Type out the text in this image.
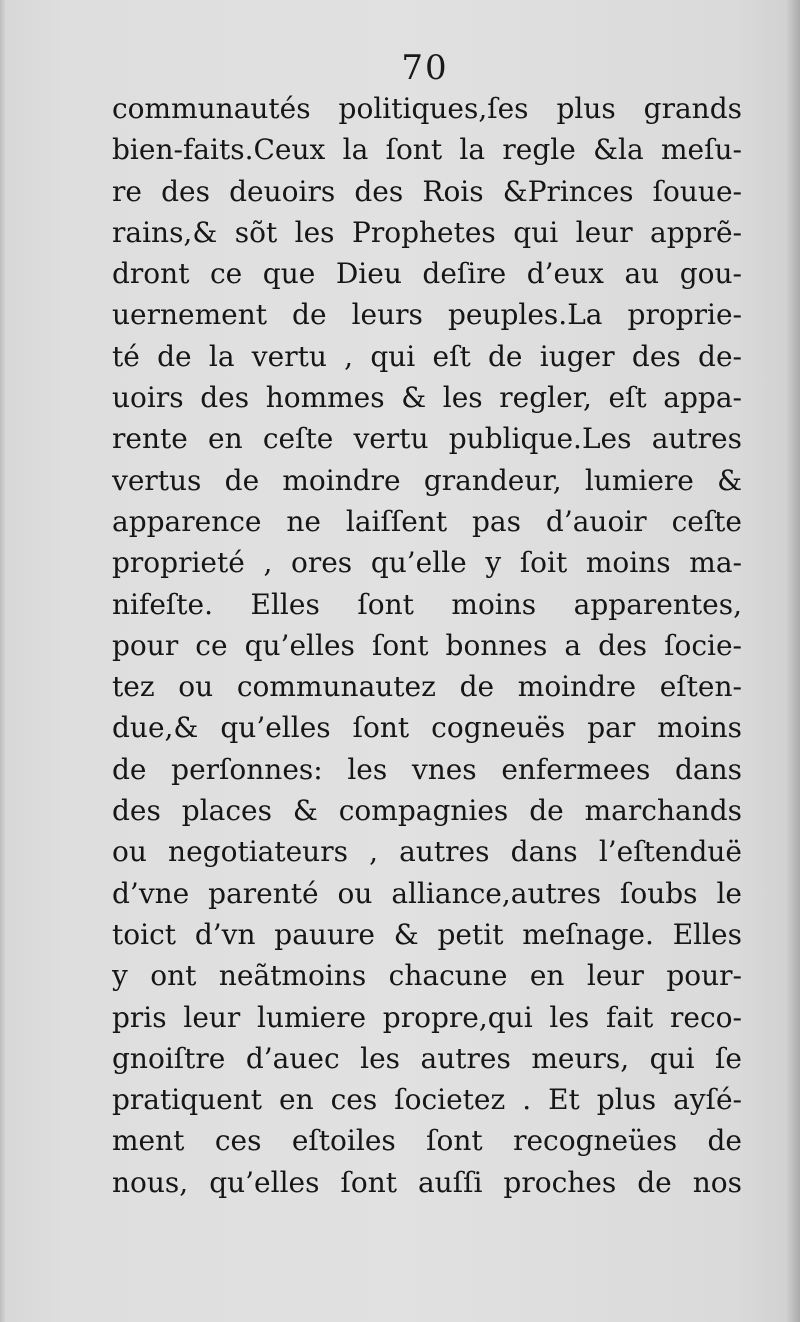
70
communautés politiques,ſes plus grands
bien-faits.Ceux la ſont la regle &la meſu-
re des deuoirs des Rois &Princes ſouue-
rains,& sõt les Prophetes qui leur apprẽ-
dront ce que Dieu deſire d’eux au gou-
uernement de leurs peuples.La proprie-
té de la vertu , qui eſt de iuger des de-
uoirs des hommes & les regler, eſt appa-
rente en ceſte vertu publique.Les autres
vertus de moindre grandeur, lumiere &
apparence ne laiſſent pas d’auoir ceſte
proprieté , ores qu’elle y ſoit moins ma-
nifeſte. Elles ſont moins apparentes,
pour ce qu’elles ſont bonnes a des ſocie-
tez ou communautez de moindre eſten-
due,& qu’elles ſont cogneuës par moins
de perſonnes: les vnes enfermees dans
des places & compagnies de marchands
ou negotiateurs , autres dans l’eſtenduë
d’vne parenté ou alliance,autres ſoubs le
toict d’vn pauure & petit meſnage. Elles
y ont neãtmoins chacune en leur pour-
pris leur lumiere propre,qui les fait reco-
gnoiſtre d’auec les autres meurs, qui ſe
pratiquent en ces ſocietez . Et plus ayſé-
ment ces eſtoiles ſont recogneües de
nous, qu’elles ſont auſſi proches de nos
